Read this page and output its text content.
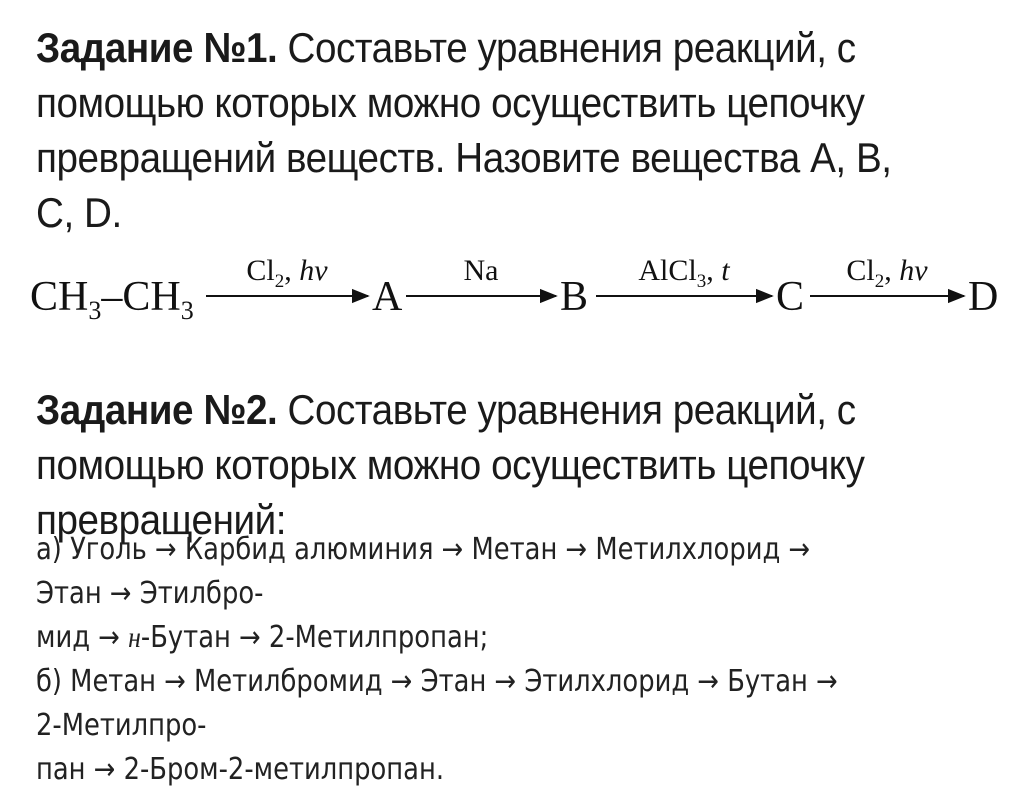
Задание №1. Составьте уравнения реакций, с помощью которых можно осуществить цепочку превращений веществ. Назовите вещества A, B, C, D.
$CH_3-CH_3$
$Cl_2$, hν
A
Na
B
AlCl$_3$, t
C
$Cl_2$, hν
D
Задание №2. Составьте уравнения реакций, с помощью которых можно осуществить цепочку превращений:

а) Уголь → Карбид алюминия → Метан → Метилхлорид → Этан → Этилбро-

мид → н-Бутан → 2-Метилпропан;

б) Метан → Метилбромид → Этан → Этилхлорид → Бутан → 2-Метилпро-

пан → 2-Бром-2-метилпропан.
